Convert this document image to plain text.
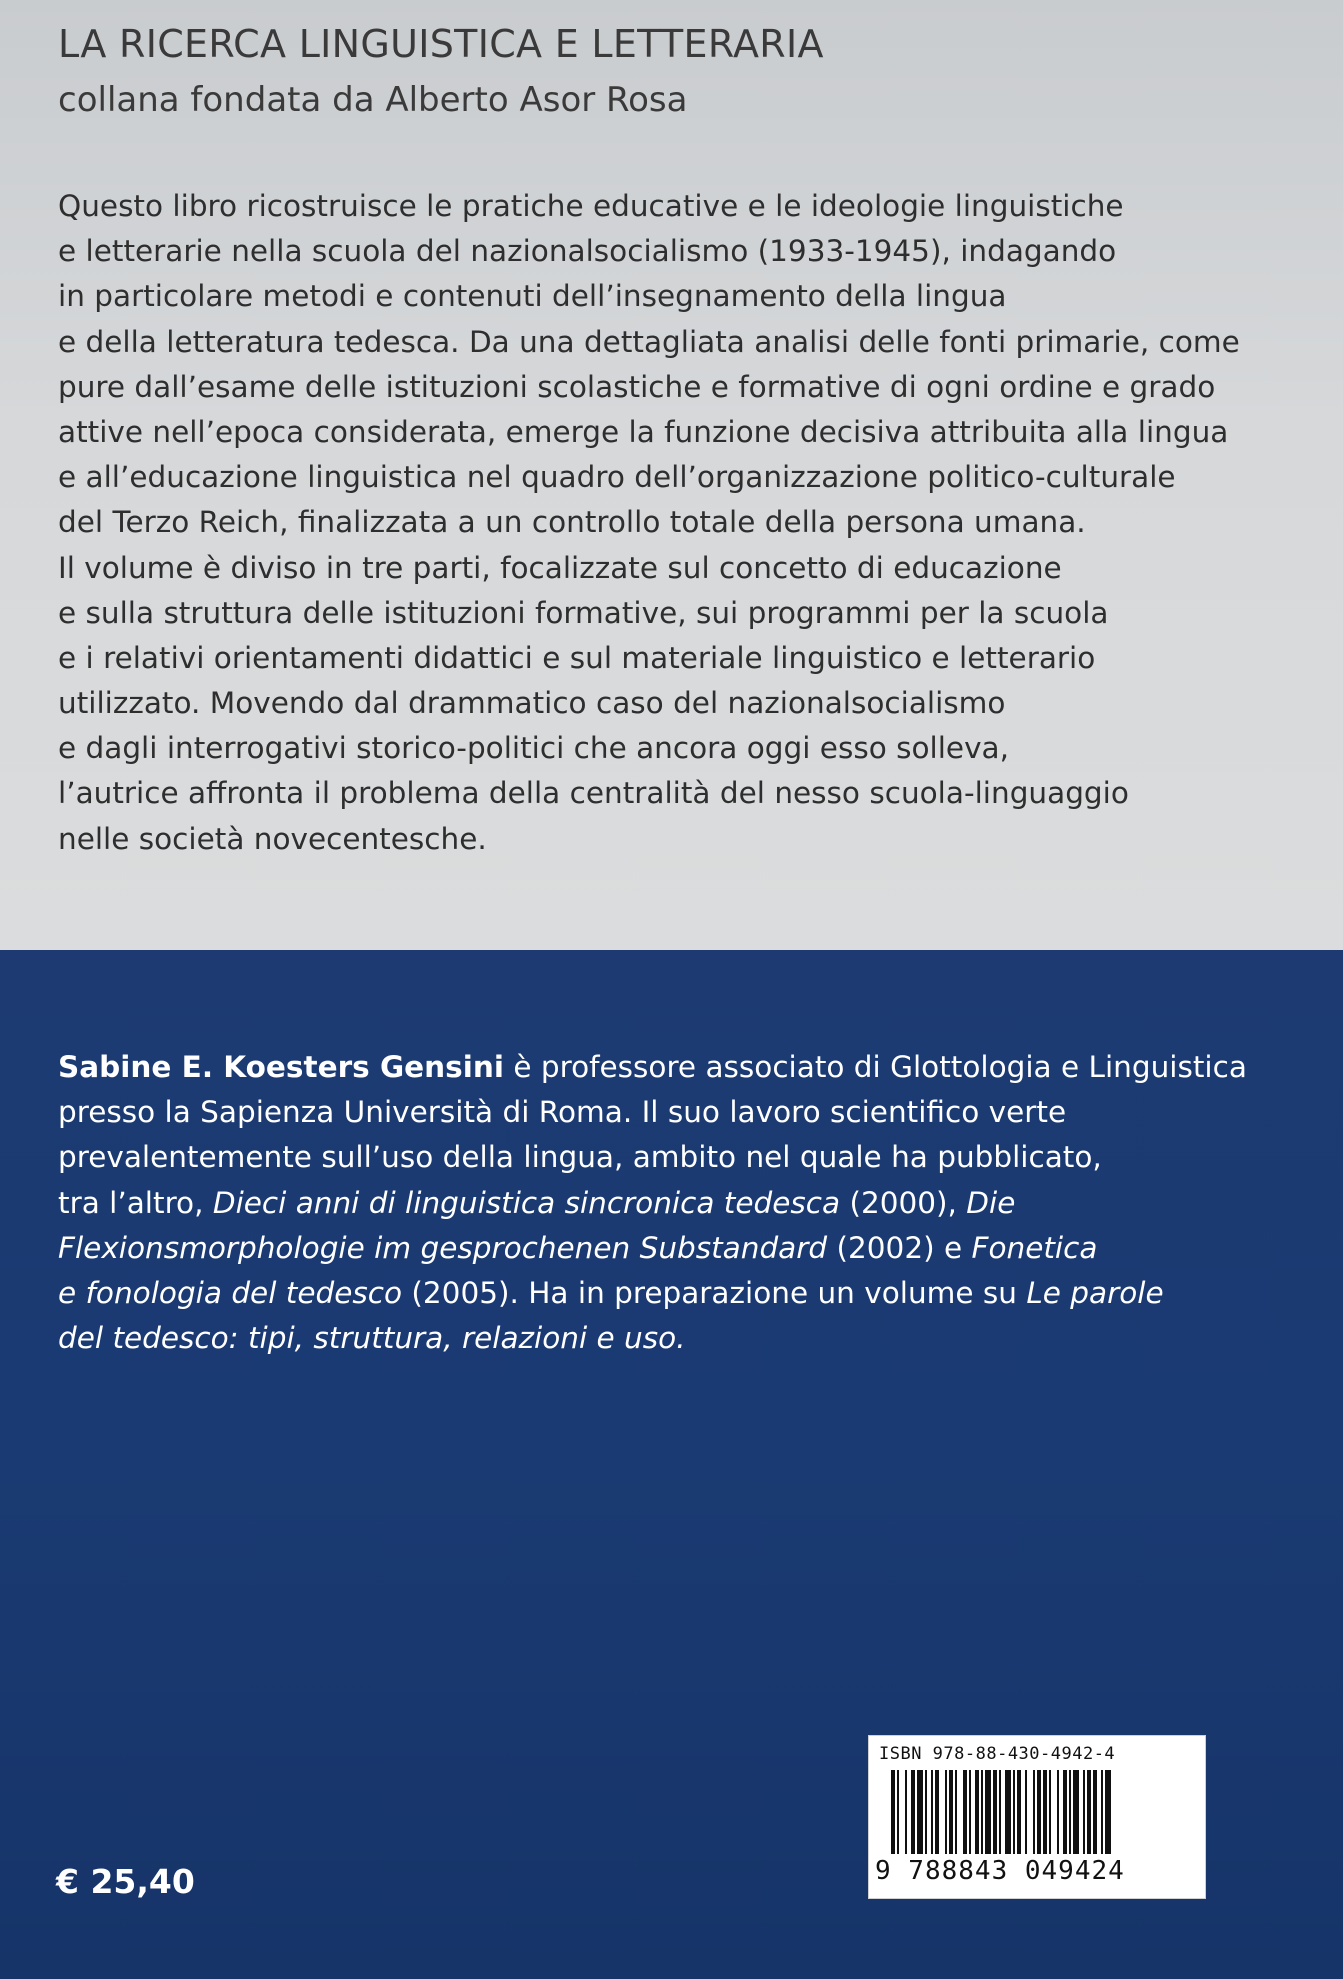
LA RICERCA LINGUISTICA E LETTERARIA
collana fondata da Alberto Asor Rosa
Questo libro ricostruisce le pratiche educative e le ideologie linguistiche
e letterarie nella scuola del nazionalsocialismo (1933-1945), indagando
in particolare metodi e contenuti dell’insegnamento della lingua
e della letteratura tedesca. Da una dettagliata analisi delle fonti primarie, come
pure dall’esame delle istituzioni scolastiche e formative di ogni ordine e grado
attive nell’epoca considerata, emerge la funzione decisiva attribuita alla lingua
e all’educazione linguistica nel quadro dell’organizzazione politico-culturale
del Terzo Reich, finalizzata a un controllo totale della persona umana.
Il volume è diviso in tre parti, focalizzate sul concetto di educazione
e sulla struttura delle istituzioni formative, sui programmi per la scuola
e i relativi orientamenti didattici e sul materiale linguistico e letterario
utilizzato. Movendo dal drammatico caso del nazionalsocialismo
e dagli interrogativi storico-politici che ancora oggi esso solleva,
l’autrice affronta il problema della centralità del nesso scuola-linguaggio
nelle società novecentesche.
Sabine E. Koesters Gensini è professore associato di Glottologia e Linguistica
presso la Sapienza Università di Roma. Il suo lavoro scientifico verte
prevalentemente sull’uso della lingua, ambito nel quale ha pubblicato,
tra l’altro, Dieci anni di linguistica sincronica tedesca (2000), Die
Flexionsmorphologie im gesprochenen Substandard (2002) e Fonetica
e fonologia del tedesco (2005). Ha in preparazione un volume su Le parole
del tedesco: tipi, struttura, relazioni e uso.
€ 25,40
ISBN 978-88-430-4942-4
9 788843 049424
